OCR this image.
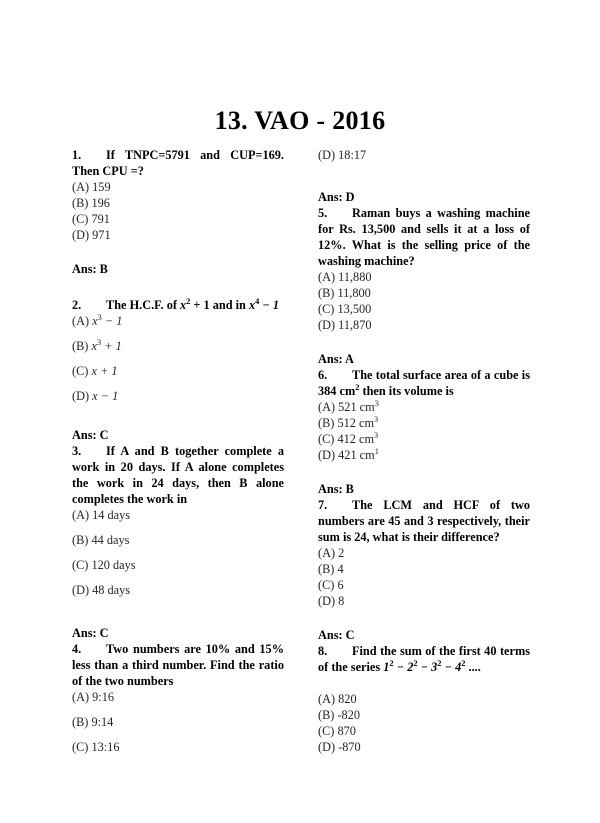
13. VAO - 2016

1. If TNPC=5791 and CUP=169. Then CPU =?

(A) 159

(B) 196

(C) 791

(D) 971

Ans: B

2. The H.C.F. of $x^2 + 1$ and in $x^4 - 1$

(A) $x^3 - 1$

(B) $x^3 + 1$

(C) x + 1

(D) x − 1

Ans: C

3. If A and B together complete a work in 20 days. If A alone completes the work in 24 days, then B alone completes the work in

(A) 14 days

(B) 44 days

(C) 120 days

(D) 48 days

Ans: C

4. Two numbers are 10% and 15% less than a third number. Find the ratio of the two numbers

(A) 9:16

(B) 9:14

(C) 13:16

(D) 18:17

Ans: D

5. Raman buys a washing machine for Rs. 13,500 and sells it at a loss of 12%. What is the selling price of the washing machine?

(A) 11,880

(B) 11,800

(C) 13,500

(D) 11,870

Ans: A

6. The total surface area of a cube is 384 $cm^2$ then its volume is

(A) 521 $cm^3$

(B) 512 $cm^3$

(C) 412 $cm^3$

(D) 421 $cm^1$

Ans: B

7. The LCM and HCF of two numbers are 45 and 3 respectively, their sum is 24, what is their difference?

(A) 2

(B) 4

(C) 6

(D) 8

Ans: C

8. Find the sum of the first 40 terms of the series $1^2 - 2^2 - 3^2 - 4^2$ ....

(A) 820

(B) -820

(C) 870

(D) -870
